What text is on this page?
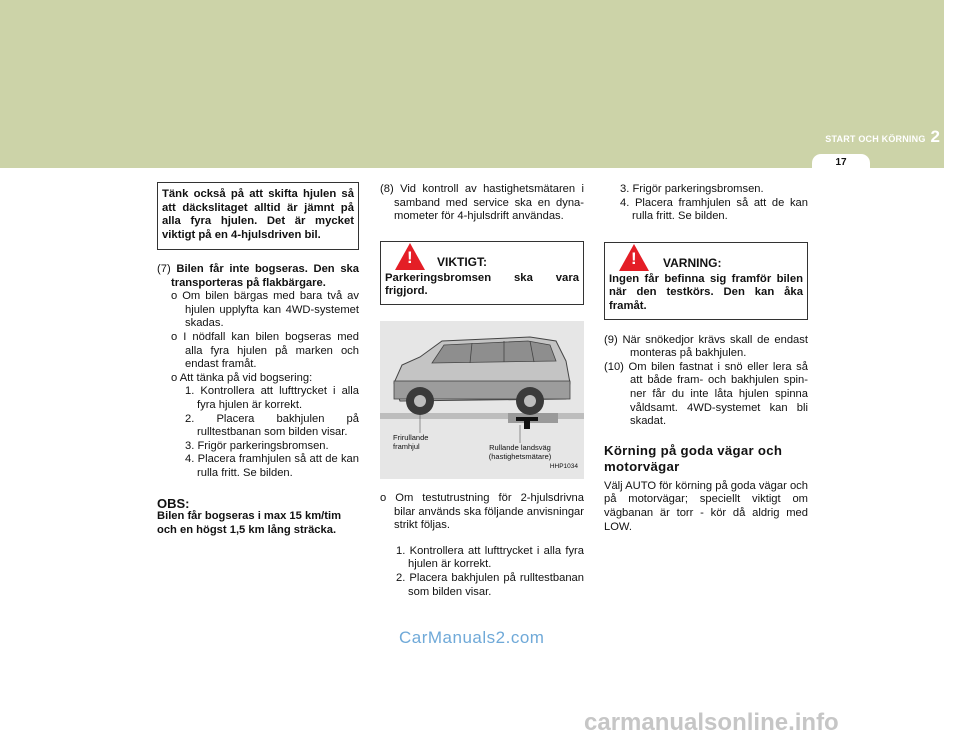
START OCH KÖRNING 2
17
Tänk också på att skifta hjulen så att däckslitaget alltid är jämnt på alla fyra hjulen. Det är mycket viktigt på en 4-hjulsdriven bil.

(7) Bilen får inte bogseras. Den ska transporteras på flakbärgare.

o Om bilen bärgas med bara två av hjulen upplyfta kan 4WD-systemet skadas.

o I nödfall kan bilen bogseras med alla fyra hjulen på marken och endast framåt.

o Att tänka på vid bogsering:

1. Kontrollera att lufttrycket i alla fyra hjulen är korrekt.

2. Placera bakhjulen på rulltestbanan som bilden visar.

3. Frigör parkeringsbromsen.

4. Placera framhjulen så att de kan rulla fritt. Se bilden.

OBS:

Bilen får bogseras i max 15 km/tim och en högst 1,5 km lång sträcka.

(8) Vid kontroll av hastighetsmätaren i samband med service ska en dyna-mometer för 4-hjulsdrift användas.

! VIKTIGT:
Parkeringsbromsen ska vara frigjord.
Frirullande framhjul	Rullande landsväg (hastighetsmätare)
HHP1034

o Om testutrustning för 2-hjulsdrivna bilar används ska följande anvisningar strikt följas.

1. Kontrollera att lufttrycket i alla fyra hjulen är korrekt.

2. Placera bakhjulen på rulltestbanan som bilden visar.

3. Frigör parkeringsbromsen.

4. Placera framhjulen så att de kan rulla fritt. Se bilden.

! VARNING:
Ingen får befinna sig framför bilen när den testkörs. Den kan åka framåt.

(9) När snökedjor krävs skall de endast monteras på bakhjulen.

(10) Om bilen fastnat i snö eller lera så att både fram- och bakhjulen spin-ner får du inte låta hjulen spinna våldsamt. 4WD-systemet kan bli skadat.

Körning på goda vägar och motorvägar

Välj AUTO för körning på goda vägar och på motorvägar; speciellt viktigt om vägbanan är torr - kör då aldrig med LOW.

CarManuals2.com
carmanualsonline.info
